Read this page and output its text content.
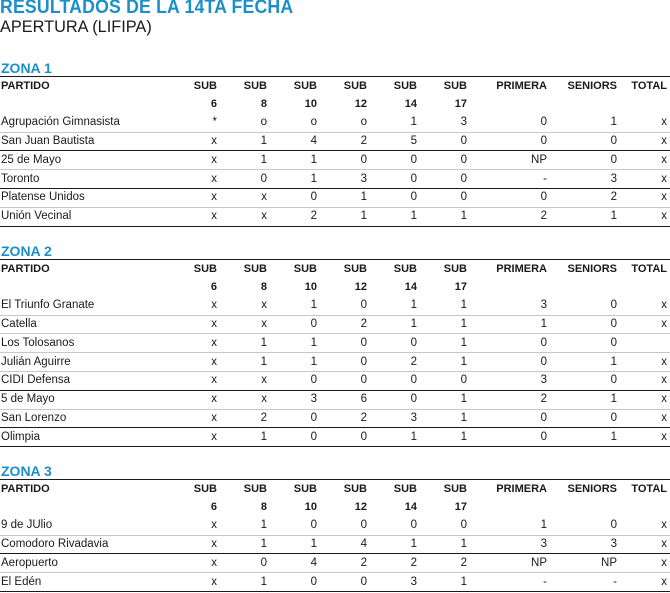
RESULTADOS DE LA 14TA FECHA
APERTURA (LIFIPA)
ZONA 1
PARTIDO	SUB	SUB	SUB	SUB	SUB	SUB	PRIMERA	SENIORS	TOTAL
	6	8	10	12	14	17			
Agrupación Gimnasista	*	o	o	o	1	3	0	1	x
San Juan Bautista	x	1	4	2	5	0	0	0	x
25 de Mayo	x	1	1	0	0	0	NP	0	x
Toronto	x	0	1	3	0	0	-	3	x
Platense Unidos	x	x	0	1	0	0	0	2	x
Unión Vecinal	x	x	2	1	1	1	2	1	x
ZONA 2
PARTIDO	SUB	SUB	SUB	SUB	SUB	SUB	PRIMERA	SENIORS	TOTAL
	6	8	10	12	14	17			
El Triunfo Granate	x	x	1	0	1	1	3	0	x
Catella	x	x	0	2	1	1	1	0	x
Los Tolosanos	x	1	1	0	0	1	0	0	
Julián Aguirre	x	1	1	0	2	1	0	1	x
CIDI Defensa	x	x	0	0	0	0	3	0	x
5 de Mayo	x	x	3	6	0	1	2	1	x
San Lorenzo	x	2	0	2	3	1	0	0	x
Olimpia	x	1	0	0	1	1	0	1	x
ZONA 3
PARTIDO	SUB	SUB	SUB	SUB	SUB	SUB	PRIMERA	SENIORS	TOTAL
	6	8	10	12	14	17			
9 de JUlio	x	1	0	0	0	0	1	0	x
Comodoro Rivadavia	x	1	1	4	1	1	3	3	x
Aeropuerto	x	0	4	2	2	2	NP	NP	x
El Edén	x	1	0	0	3	1	-	-	x
